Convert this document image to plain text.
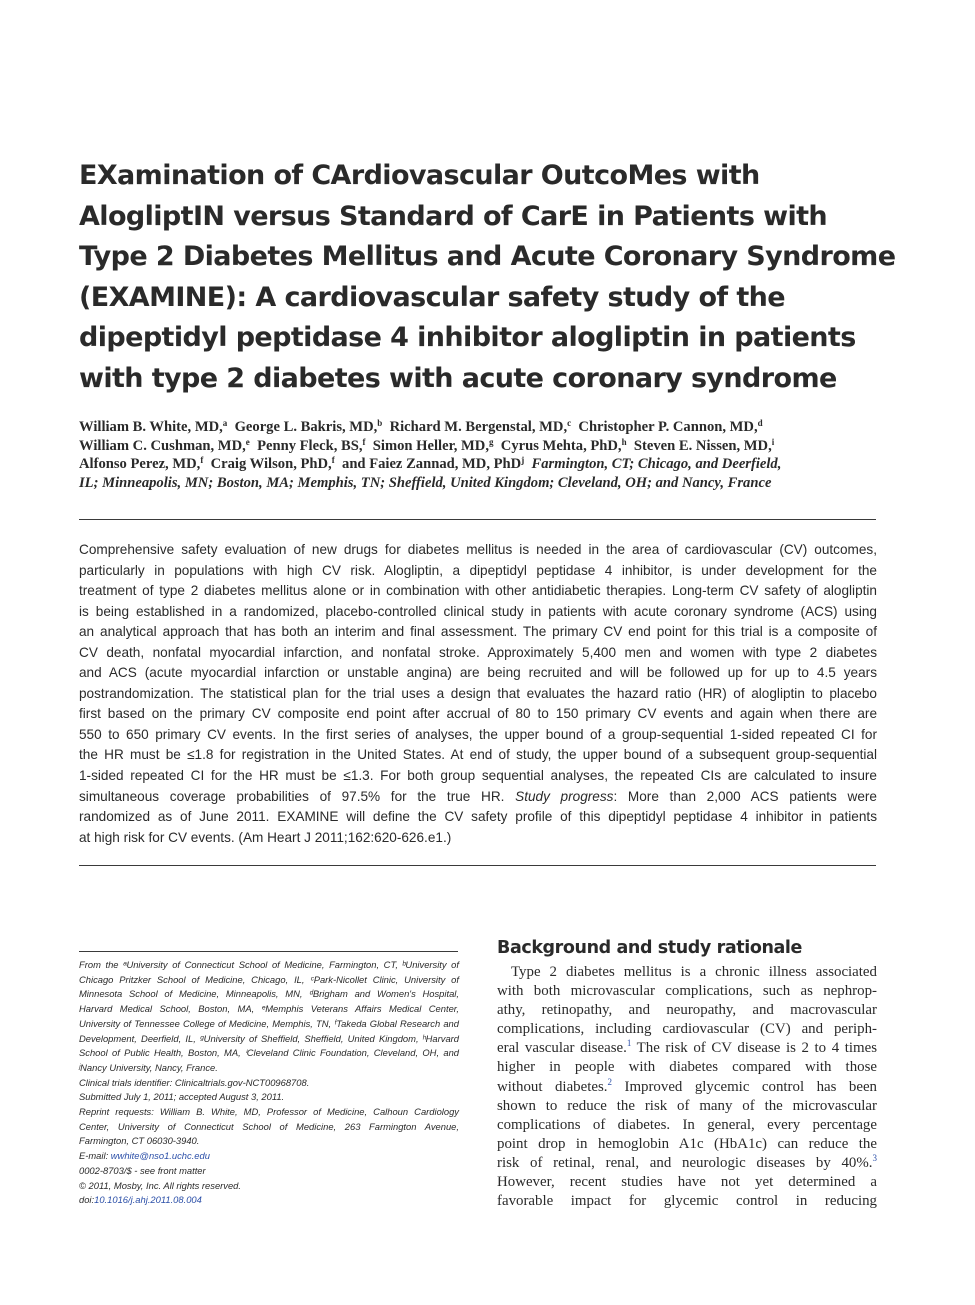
EXamination of CArdiovascular OutcoMes with
AlogliptIN versus Standard of CarE in Patients with
Type 2 Diabetes Mellitus and Acute Coronary Syndrome
(EXAMINE): A cardiovascular safety study of the
dipeptidyl peptidase 4 inhibitor alogliptin in patients
with type 2 diabetes with acute coronary syndrome
William B. White, MD,$^a$ George L. Bakris, MD,$^b$ Richard M. Bergenstal, MD,$^c$ Christopher P. Cannon, MD,$^d$
William C. Cushman, MD,$^e$ Penny Fleck, BS,$^f$ Simon Heller, MD,$^g$ Cyrus Mehta, PhD,$^h$ Steven E. Nissen, MD,$^i$
Alfonso Perez, MD,$^f$ Craig Wilson, PhD,$^f$ and Faiez Zannad, MD, PhD$^j$ Farmington, CT; Chicago, and Deerfield,
IL; Minneapolis, MN; Boston, MA; Memphis, TN; Sheffield, United Kingdom; Cleveland, OH; and Nancy, France
Comprehensive safety evaluation of new drugs for diabetes mellitus is needed in the area of cardiovascular (CV) outcomes,
particularly in populations with high CV risk. Alogliptin, a dipeptidyl peptidase 4 inhibitor, is under development for the
treatment of type 2 diabetes mellitus alone or in combination with other antidiabetic therapies. Long-term CV safety of alogliptin
is being established in a randomized, placebo-controlled clinical study in patients with acute coronary syndrome (ACS) using
an analytical approach that has both an interim and final assessment. The primary CV end point for this trial is a composite of
CV death, nonfatal myocardial infarction, and nonfatal stroke. Approximately 5,400 men and women with type 2 diabetes
and ACS (acute myocardial infarction or unstable angina) are being recruited and will be followed up for up to 4.5 years
postrandomization. The statistical plan for the trial uses a design that evaluates the hazard ratio (HR) of alogliptin to placebo
first based on the primary CV composite end point after accrual of 80 to 150 primary CV events and again when there are
550 to 650 primary CV events. In the first series of analyses, the upper bound of a group-sequential 1-sided repeated CI for
the HR must be ≤1.8 for registration in the United States. At end of study, the upper bound of a subsequent group-sequential
1-sided repeated CI for the HR must be ≤1.3. For both group sequential analyses, the repeated CIs are calculated to insure
simultaneous coverage probabilities of 97.5% for the true HR. Study progress: More than 2,000 ACS patients were
randomized as of June 2011. EXAMINE will define the CV safety profile of this dipeptidyl peptidase 4 inhibitor in patients
at high risk for CV events. (Am Heart J 2011;162:620-626.e1.)
From the ᵃUniversity of Connecticut School of Medicine, Farmington, CT, ᵇUniversity of
Chicago Pritzker School of Medicine, Chicago, IL, ᶜPark-Nicollet Clinic, University of
Minnesota School of Medicine, Minneapolis, MN, ᵈBrigham and Women's Hospital,
Harvard Medical School, Boston, MA, ᵉMemphis Veterans Affairs Medical Center,
University of Tennessee College of Medicine, Memphis, TN, ᶠTakeda Global Research and
Development, Deerfield, IL, ᵍUniversity of Sheffield, Sheffield, United Kingdom, ʰHarvard
School of Public Health, Boston, MA, ⁱCleveland Clinic Foundation, Cleveland, OH, and
ʲNancy University, Nancy, France.
Clinical trials identifier: Clinicaltrials.gov-NCT00968708.
Submitted July 1, 2011; accepted August 3, 2011.
Reprint requests: William B. White, MD, Professor of Medicine, Calhoun Cardiology
Center, University of Connecticut School of Medicine, 263 Farmington Avenue,
Farmington, CT 06030-3940.
E-mail: wwhite@nso1.uchc.edu
0002-8703/$ - see front matter
© 2011, Mosby, Inc. All rights reserved.
doi:10.1016/j.ahj.2011.08.004
Background and study rationale
Type 2 diabetes mellitus is a chronic illness associated
with both microvascular complications, such as nephrop-
athy, retinopathy, and neuropathy, and macrovascular
complications, including cardiovascular (CV) and periph-
eral vascular disease.$^1$ The risk of CV disease is 2 to 4 times
higher in people with diabetes compared with those
without diabetes.$^2$ Improved glycemic control has been
shown to reduce the risk of many of the microvascular
complications of diabetes. In general, every percentage
point drop in hemoglobin A1c (HbA1c) can reduce the
risk of retinal, renal, and neurologic diseases by 40%.$^3$
However, recent studies have not yet determined a
favorable impact for glycemic control in reducing
